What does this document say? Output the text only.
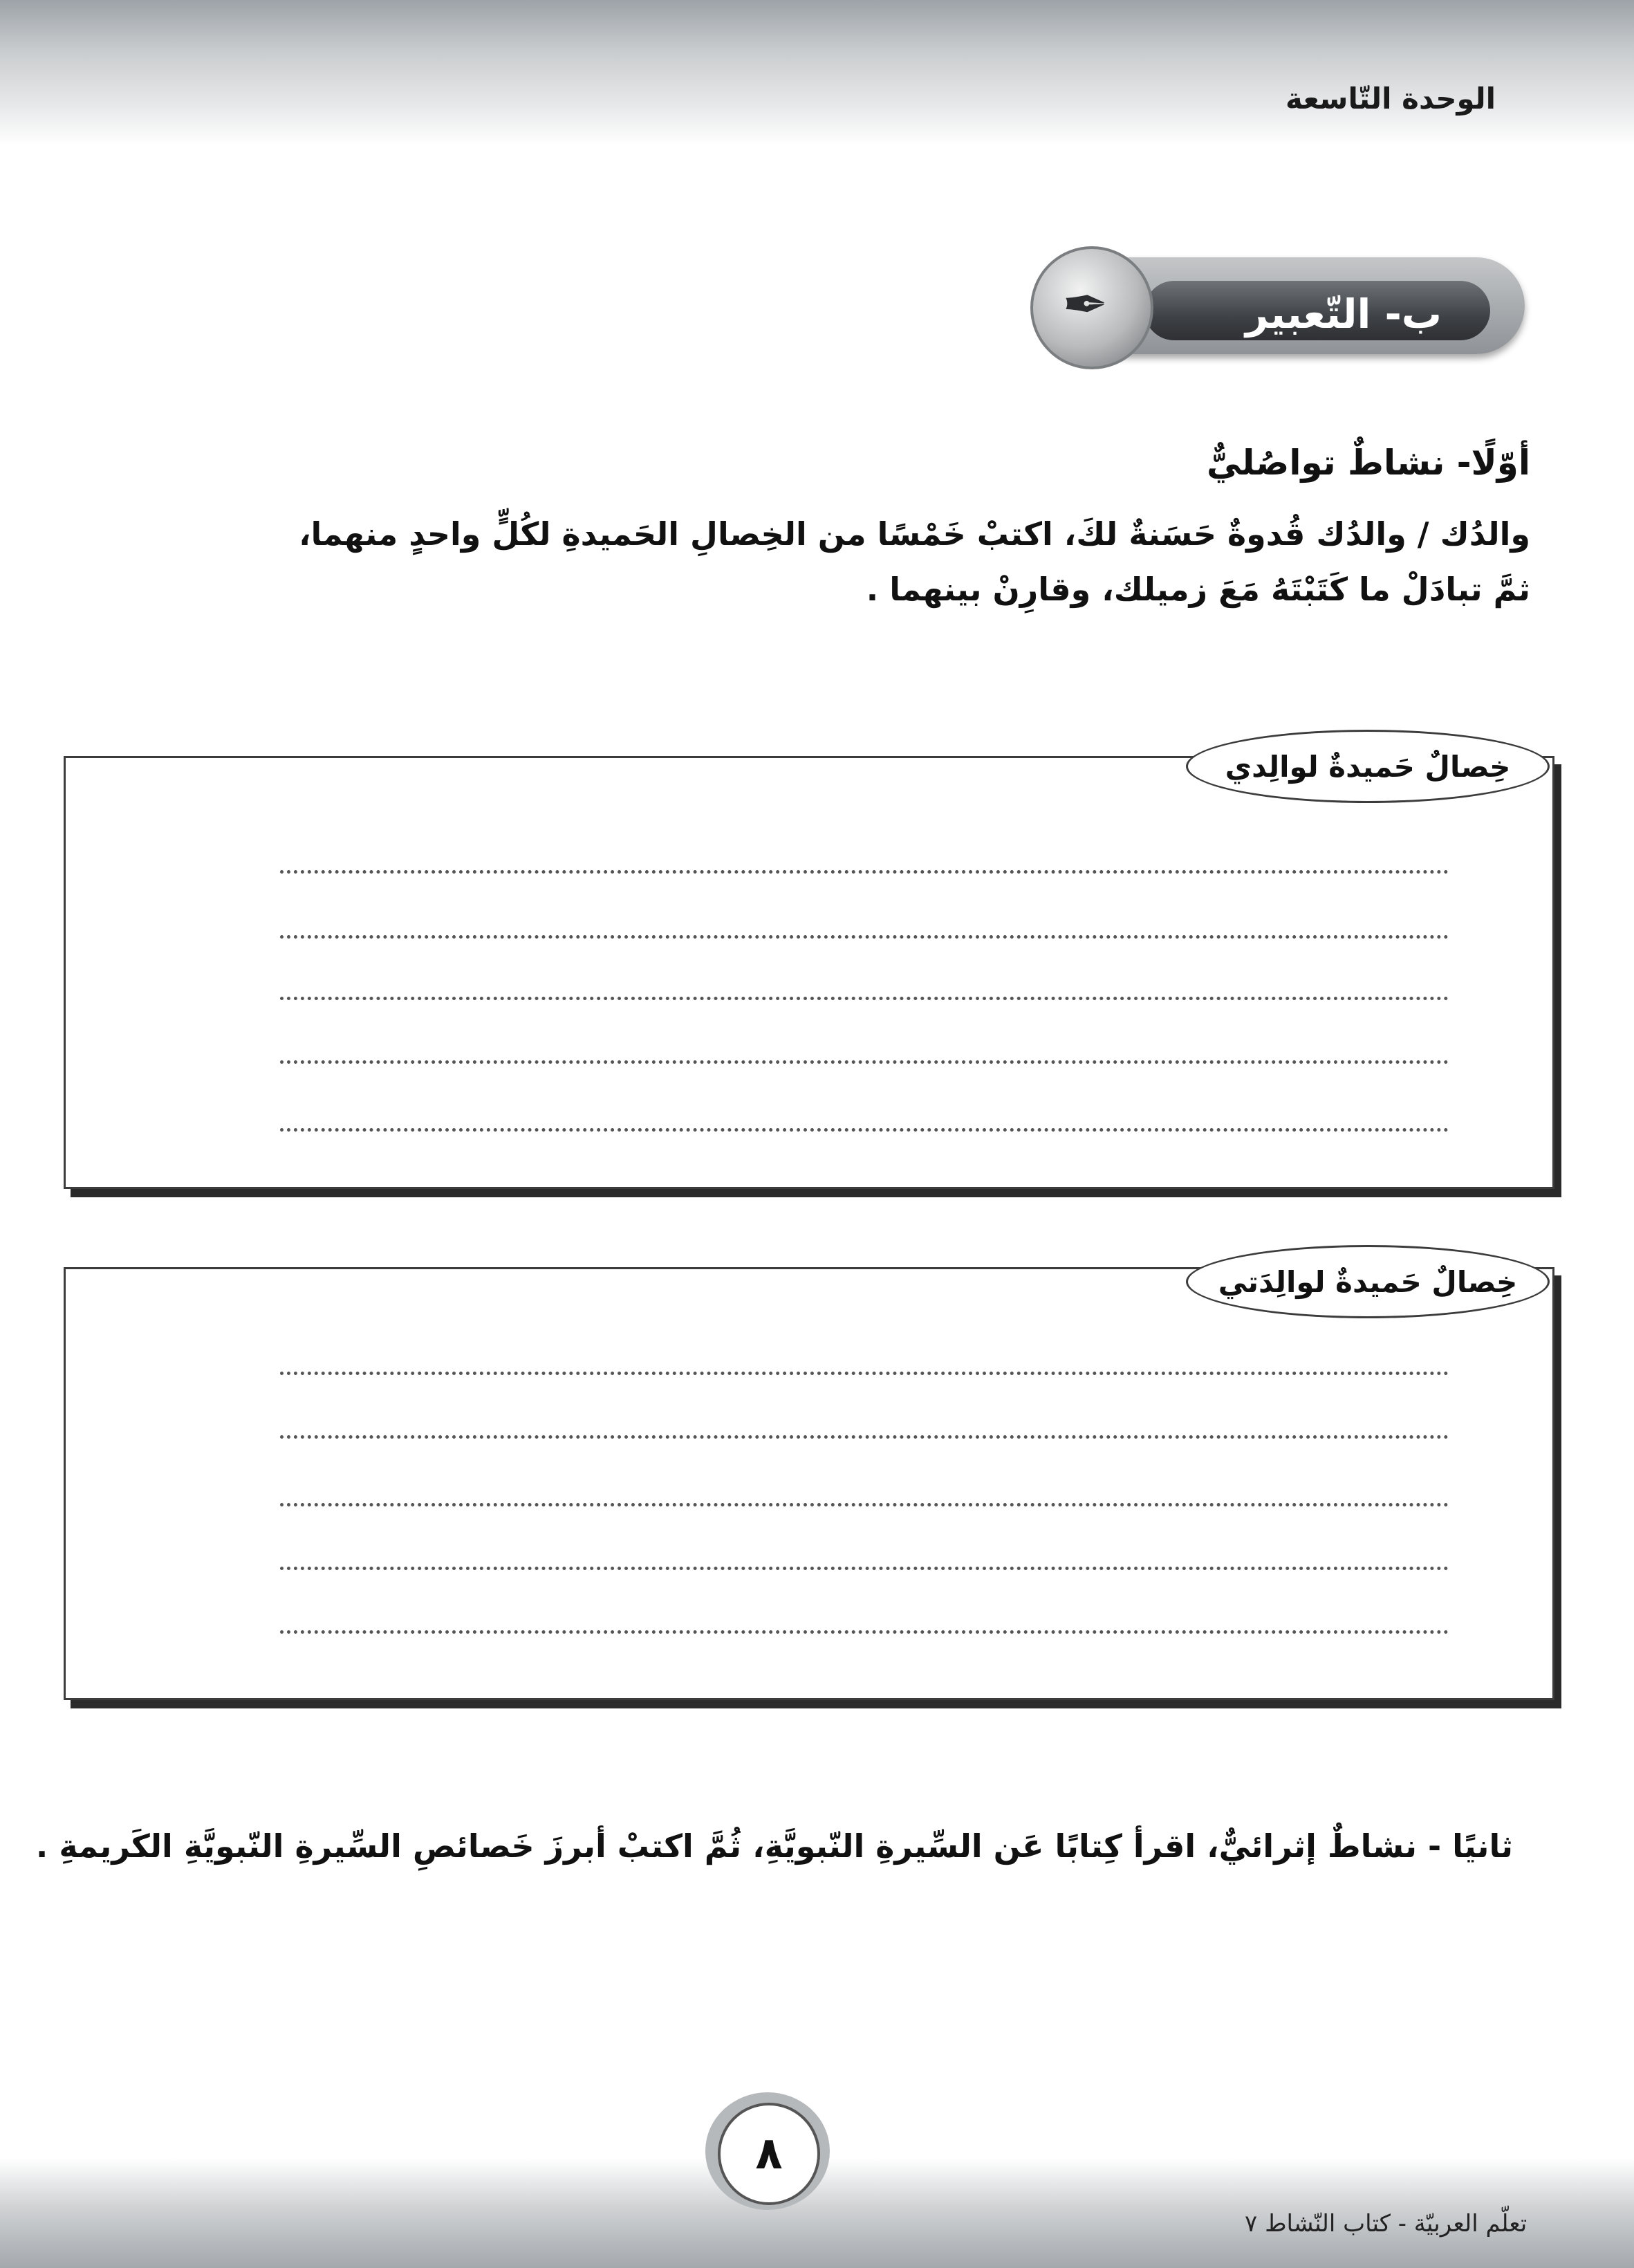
الوحدة التّاسعة
ب- التّعبير
✒
أوّلًا- نشاطٌ تواصُليٌّ
والدُك / والدُك قُدوةٌ حَسَنةٌ لكَ، اكتبْ خَمْسًا من الخِصالِ الحَميدةِ لكُلٍّ واحدٍ منهما،
ثمَّ تبادَلْ ما كَتَبْتَهُ مَعَ زميلك، وقارِنْ بينهما .
خِصالٌ حَميدةٌ لوالِدي
خِصالٌ حَميدةٌ لوالِدَتي
ثانيًا - نشاطٌ إثرائيٌّ، اقرأ كِتابًا عَن السِّيرةِ النّبويَّةِ، ثُمَّ اكتبْ أبرزَ خَصائصِ السِّيرةِ النّبويَّةِ الكَريمةِ .
٨
تعلّم العربيّة - كتاب النّشاط ٧
